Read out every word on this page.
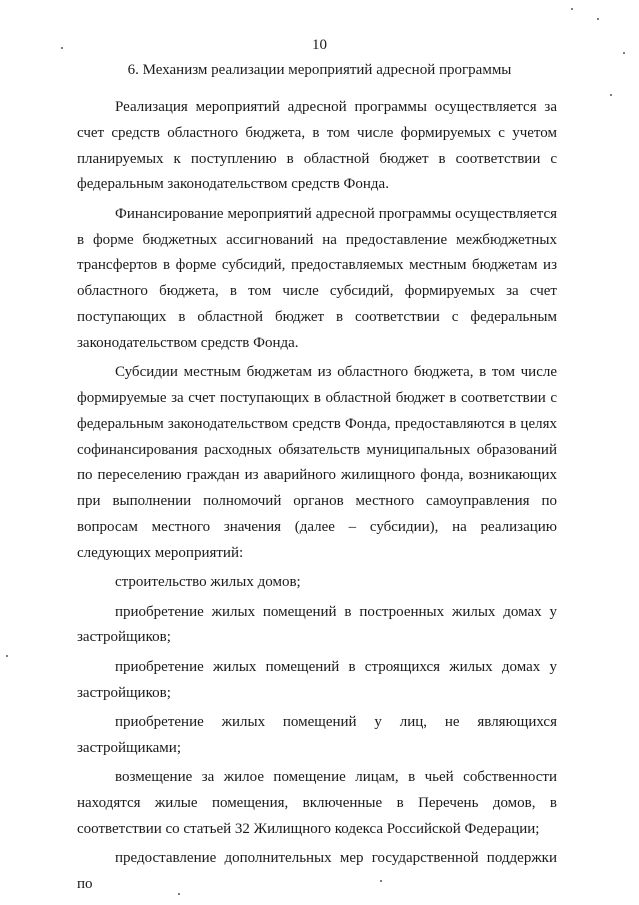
10
6. Механизм реализации мероприятий адресной программы

Реализация мероприятий адресной программы осуществляется за счет средств областного бюджета, в том числе формируемых с учетом планируемых к поступлению в областной бюджет в соответствии с федеральным законодательством средств Фонда.

Финансирование мероприятий адресной программы осуществляется в форме бюджетных ассигнований на предоставление межбюджетных трансфертов в форме субсидий, предоставляемых местным бюджетам из областного бюджета, в том числе субсидий, формируемых за счет поступающих в областной бюджет в соответствии с федеральным законодательством средств Фонда.

Субсидии местным бюджетам из областного бюджета, в том числе формируемые за счет поступающих в областной бюджет в соответствии с федеральным законодательством средств Фонда, предоставляются в целях софинансирования расходных обязательств муниципальных образований по переселению граждан из аварийного жилищного фонда, возникающих при выполнении полномочий органов местного самоуправления по вопросам местного значения (далее – субсидии), на реализацию следующих мероприятий:

строительство жилых домов;

приобретение жилых помещений в построенных жилых домах у застройщиков;

приобретение жилых помещений в строящихся жилых домах у застройщиков;

приобретение жилых помещений у лиц, не являющихся застройщиками;

возмещение за жилое помещение лицам, в чьей собственности находятся жилые помещения, включенные в Перечень домов, в соответствии со статьей 32 Жилищного кодекса Российской Федерации;

предоставление дополнительных мер государственной поддержки по
